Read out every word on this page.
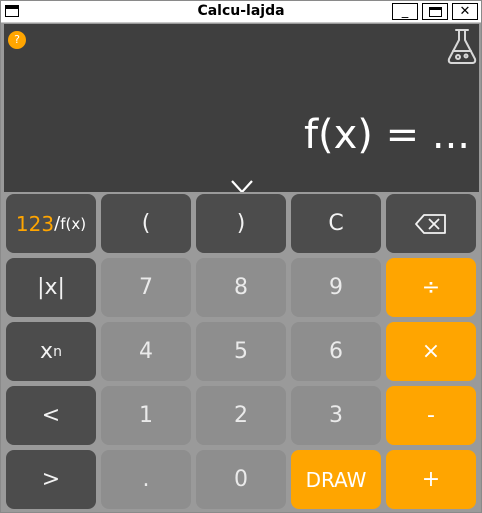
Calcu-lajda	_	✕
?
f(x) = ...
123 / f(x)	(	)	C
|x|	7	8	9	÷
x n	4	5	6	×
<	1	2	3	-
>	.	0	DRAW	+
